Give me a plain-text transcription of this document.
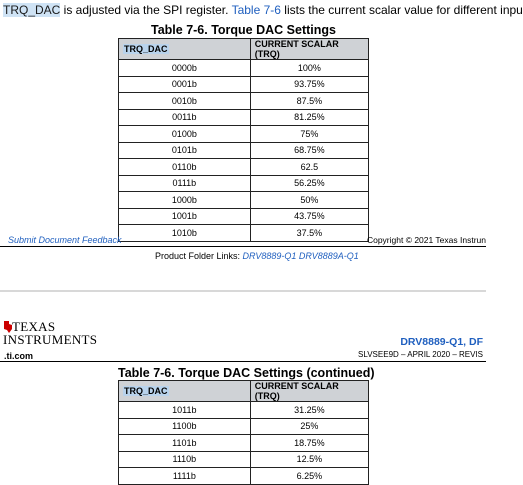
TRQ_DAC is adjusted via the SPI register. Table 7-6 lists the current scalar value for different inpu
Table 7-6. Torque DAC Settings
TRQ_DAC	CURRENT SCALAR (TRQ)
0000b	100%
0001b	93.75%
0010b	87.5%
0011b	81.25%
0100b	75%
0101b	68.75%
0110b	62.5
0111b	56.25%
1000b	50%
1001b	43.75%
1010b	37.5%
Submit Document Feedback	Copyright © 2021 Texas Instrun
Product Folder Links: DRV8889-Q1 DRV8889A-Q1
TEXAS
INSTRUMENTS
.ti.com
DRV8889-Q1, DF
SLVSEE9D – APRIL 2020 – REVIS
Table 7-6. Torque DAC Settings (continued)
TRQ_DAC	CURRENT SCALAR (TRQ)
1011b	31.25%
1100b	25%
1101b	18.75%
1110b	12.5%
1111b	6.25%
